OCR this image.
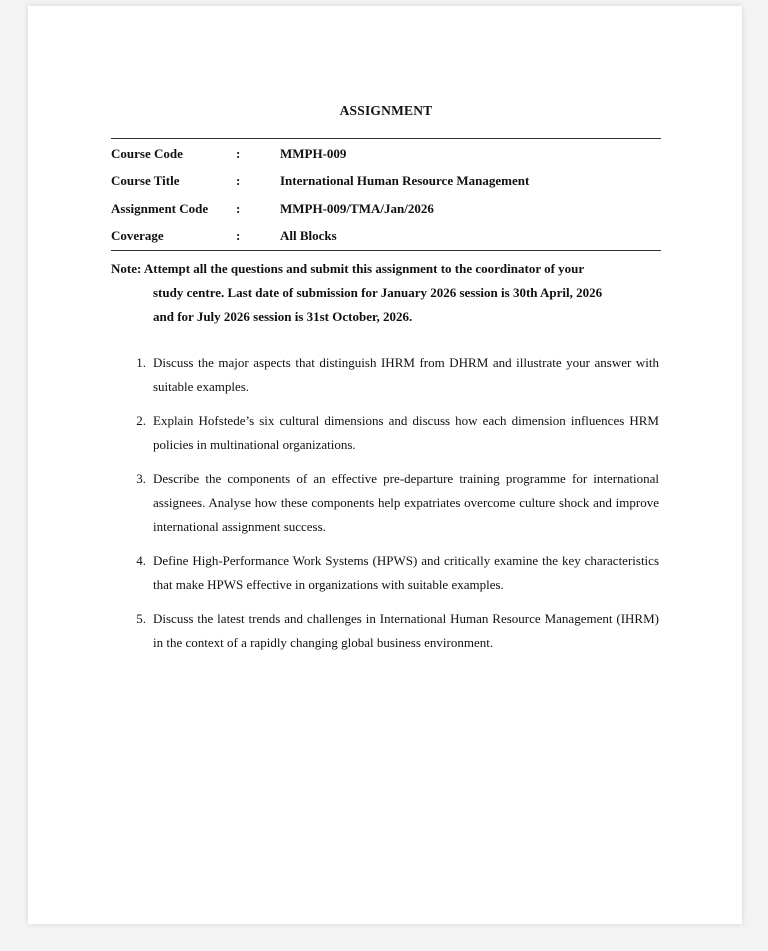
ASSIGNMENT
Course Code	:	MMPH-009
Course Title	:	International Human Resource Management
Assignment Code	:	MMPH-009/TMA/Jan/2026
Coverage	:	All Blocks
Note: Attempt all the questions and submit this assignment to the coordinator of your
study centre. Last date of submission for January 2026 session is 30th April, 2026
and for July 2026 session is 31st October, 2026.
1. Discuss the major aspects that distinguish IHRM from DHRM and illustrate your answer with suitable examples.
2. Explain Hofstede’s six cultural dimensions and discuss how each dimension influences HRM policies in multinational organizations.
3. Describe the components of an effective pre-departure training programme for international assignees. Analyse how these components help expatriates overcome culture shock and improve international assignment success.
4. Define High-Performance Work Systems (HPWS) and critically examine the key characteristics that make HPWS effective in organizations with suitable examples.
5. Discuss the latest trends and challenges in International Human Resource Management (IHRM) in the context of a rapidly changing global business environment.
